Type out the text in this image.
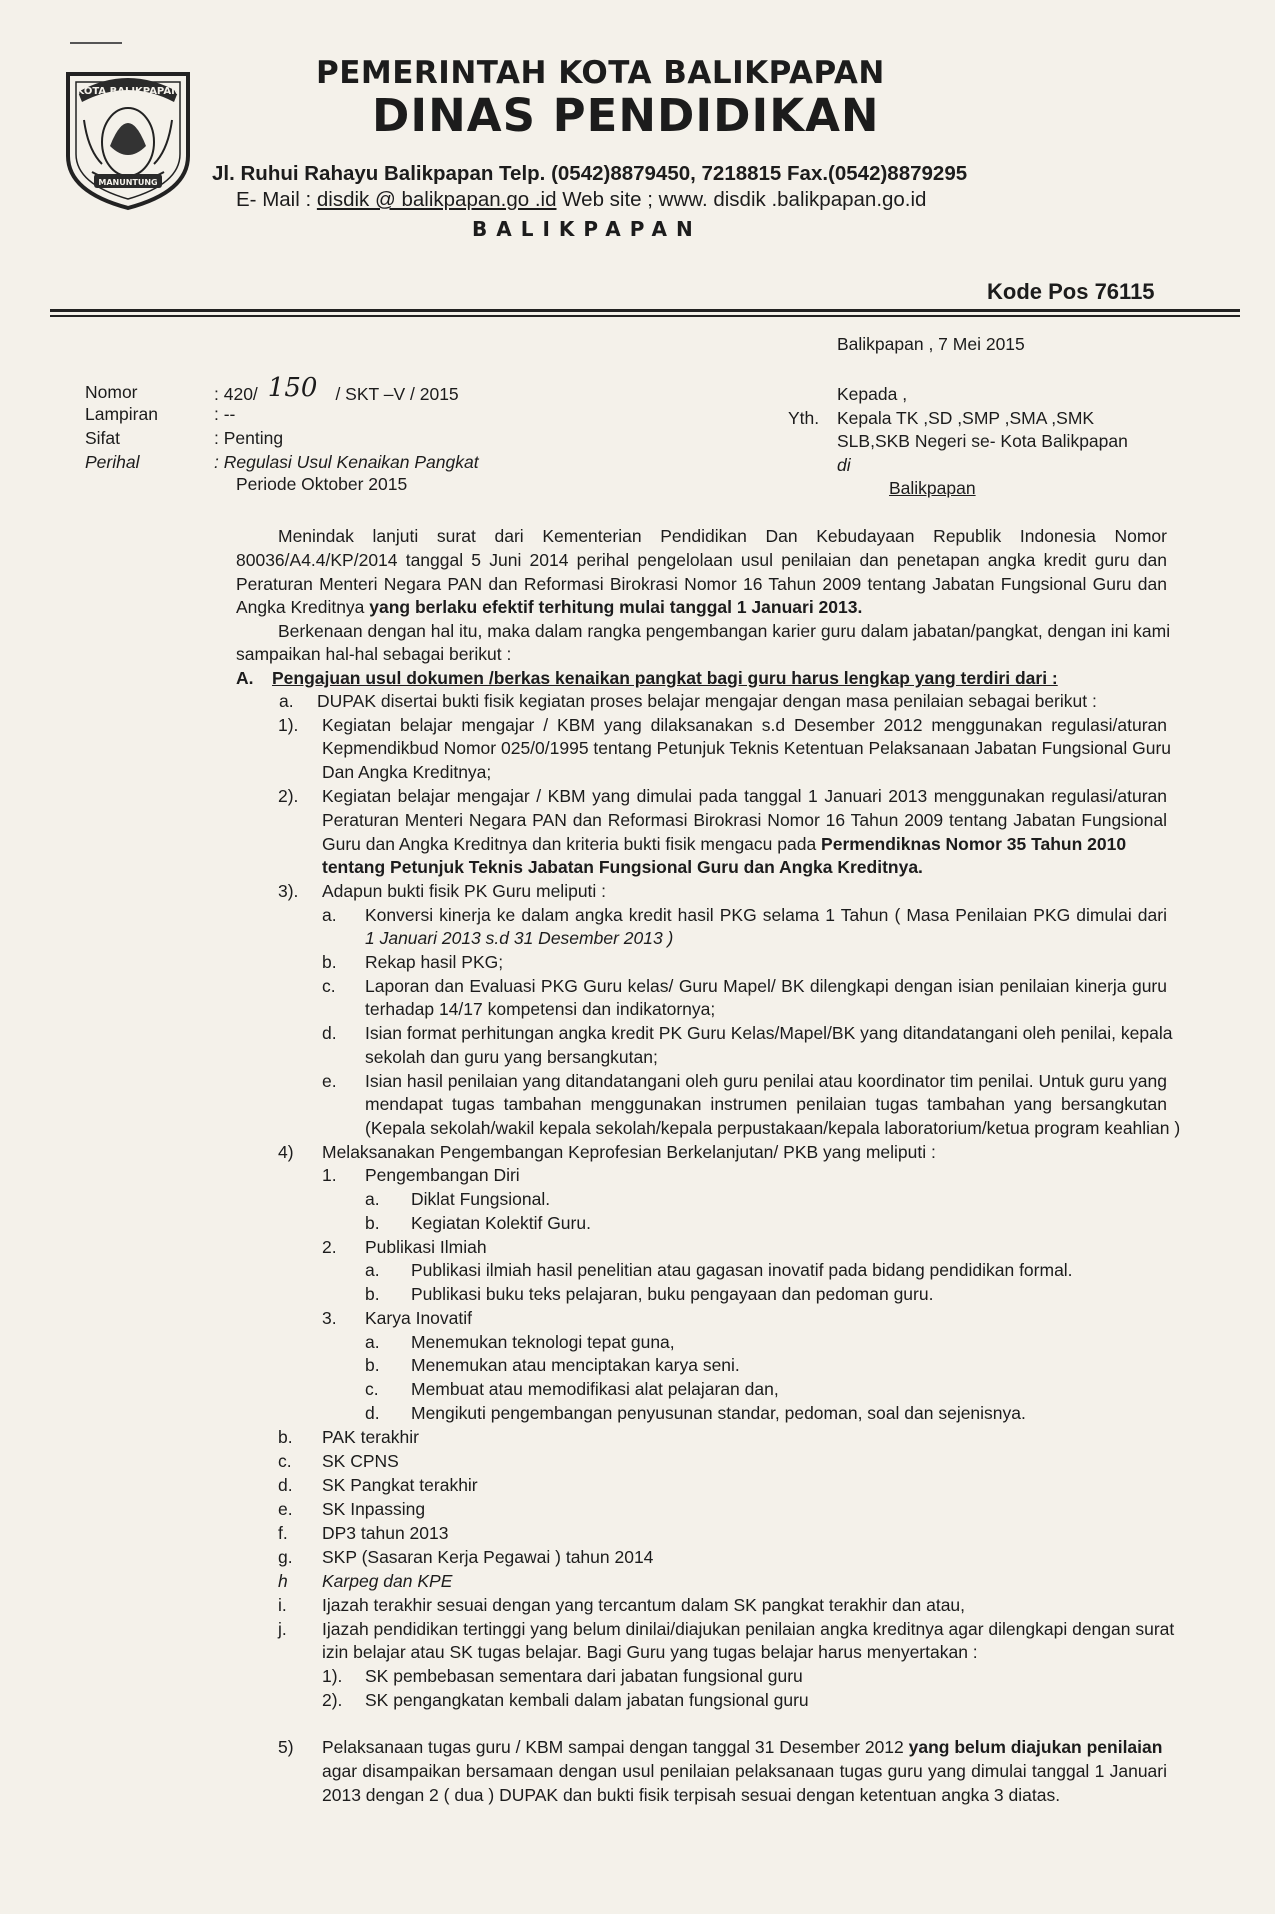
KOTA BALIKPAPAN
MANUNTUNG
PEMERINTAH KOTA BALIKPAPAN
DINAS PENDIDIKAN
Jl. Ruhui Rahayu Balikpapan Telp. (0542)8879450, 7218815 Fax.(0542)8879295
E- Mail : disdik @ balikpapan.go .id Web site ; www. disdik .balikpapan.go.id
BALIKPAPAN
Kode Pos 76115
Balikpapan , 7 Mei 2015
Nomor
Lampiran
Sifat
Perihal
: 420/ 150 / SKT –V / 2015
: --
: Penting
: Regulasi Usul Kenaikan Pangkat
Periode Oktober 2015
Kepada ,
Yth. Kepala TK ,SD ,SMP ,SMA ,SMK
SLB,SKB Negeri se- Kota Balikpapan
di
Balikpapan
Menindak lanjuti surat dari Kementerian Pendidikan Dan Kebudayaan Republik Indonesia Nomor
80036/A4.4/KP/2014 tanggal 5 Juni 2014 perihal pengelolaan usul penilaian dan penetapan angka kredit guru dan
Peraturan Menteri Negara PAN dan Reformasi Birokrasi Nomor 16 Tahun 2009 tentang Jabatan Fungsional Guru dan
Angka Kreditnya yang berlaku efektif terhitung mulai tanggal 1 Januari 2013.
Berkenaan dengan hal itu, maka dalam rangka pengembangan karier guru dalam jabatan/pangkat, dengan ini kami
sampaikan hal-hal sebagai berikut :
A. Pengajuan usul dokumen /berkas kenaikan pangkat bagi guru harus lengkap yang terdiri dari :
a. DUPAK disertai bukti fisik kegiatan proses belajar mengajar dengan masa penilaian sebagai berikut :
1). Kegiatan belajar mengajar / KBM yang dilaksanakan s.d Desember 2012 menggunakan regulasi/aturan
Kepmendikbud Nomor 025/0/1995 tentang Petunjuk Teknis Ketentuan Pelaksanaan Jabatan Fungsional Guru
Dan Angka Kreditnya;
2). Kegiatan belajar mengajar / KBM yang dimulai pada tanggal 1 Januari 2013 menggunakan regulasi/aturan
Peraturan Menteri Negara PAN dan Reformasi Birokrasi Nomor 16 Tahun 2009 tentang Jabatan Fungsional
Guru dan Angka Kreditnya dan kriteria bukti fisik mengacu pada Permendiknas Nomor 35 Tahun 2010
tentang Petunjuk Teknis Jabatan Fungsional Guru dan Angka Kreditnya.
3). Adapun bukti fisik PK Guru meliputi :
a. Konversi kinerja ke dalam angka kredit hasil PKG selama 1 Tahun ( Masa Penilaian PKG dimulai dari
1 Januari 2013 s.d 31 Desember 2013 )
b. Rekap hasil PKG;
c. Laporan dan Evaluasi PKG Guru kelas/ Guru Mapel/ BK dilengkapi dengan isian penilaian kinerja guru
terhadap 14/17 kompetensi dan indikatornya;
d. Isian format perhitungan angka kredit PK Guru Kelas/Mapel/BK yang ditandatangani oleh penilai, kepala
sekolah dan guru yang bersangkutan;
e. Isian hasil penilaian yang ditandatangani oleh guru penilai atau koordinator tim penilai. Untuk guru yang
mendapat tugas tambahan menggunakan instrumen penilaian tugas tambahan yang bersangkutan
(Kepala sekolah/wakil kepala sekolah/kepala perpustakaan/kepala laboratorium/ketua program keahlian )
4) Melaksanakan Pengembangan Keprofesian Berkelanjutan/ PKB yang meliputi :
1. Pengembangan Diri
a. Diklat Fungsional.
b. Kegiatan Kolektif Guru.
2. Publikasi Ilmiah
a. Publikasi ilmiah hasil penelitian atau gagasan inovatif pada bidang pendidikan formal.
b. Publikasi buku teks pelajaran, buku pengayaan dan pedoman guru.
3. Karya Inovatif
a. Menemukan teknologi tepat guna,
b. Menemukan atau menciptakan karya seni.
c. Membuat atau memodifikasi alat pelajaran dan,
d. Mengikuti pengembangan penyusunan standar, pedoman, soal dan sejenisnya.
b. PAK terakhir
c. SK CPNS
d. SK Pangkat terakhir
e. SK Inpassing
f. DP3 tahun 2013
g. SKP (Sasaran Kerja Pegawai ) tahun 2014
h Karpeg dan KPE
i. Ijazah terakhir sesuai dengan yang tercantum dalam SK pangkat terakhir dan atau,
j. Ijazah pendidikan tertinggi yang belum dinilai/diajukan penilaian angka kreditnya agar dilengkapi dengan surat
izin belajar atau SK tugas belajar. Bagi Guru yang tugas belajar harus menyertakan :
1). SK pembebasan sementara dari jabatan fungsional guru
2). SK pengangkatan kembali dalam jabatan fungsional guru
5) Pelaksanaan tugas guru / KBM sampai dengan tanggal 31 Desember 2012 yang belum diajukan penilaian
agar disampaikan bersamaan dengan usul penilaian pelaksanaan tugas guru yang dimulai tanggal 1 Januari
2013 dengan 2 ( dua ) DUPAK dan bukti fisik terpisah sesuai dengan ketentuan angka 3 diatas.
